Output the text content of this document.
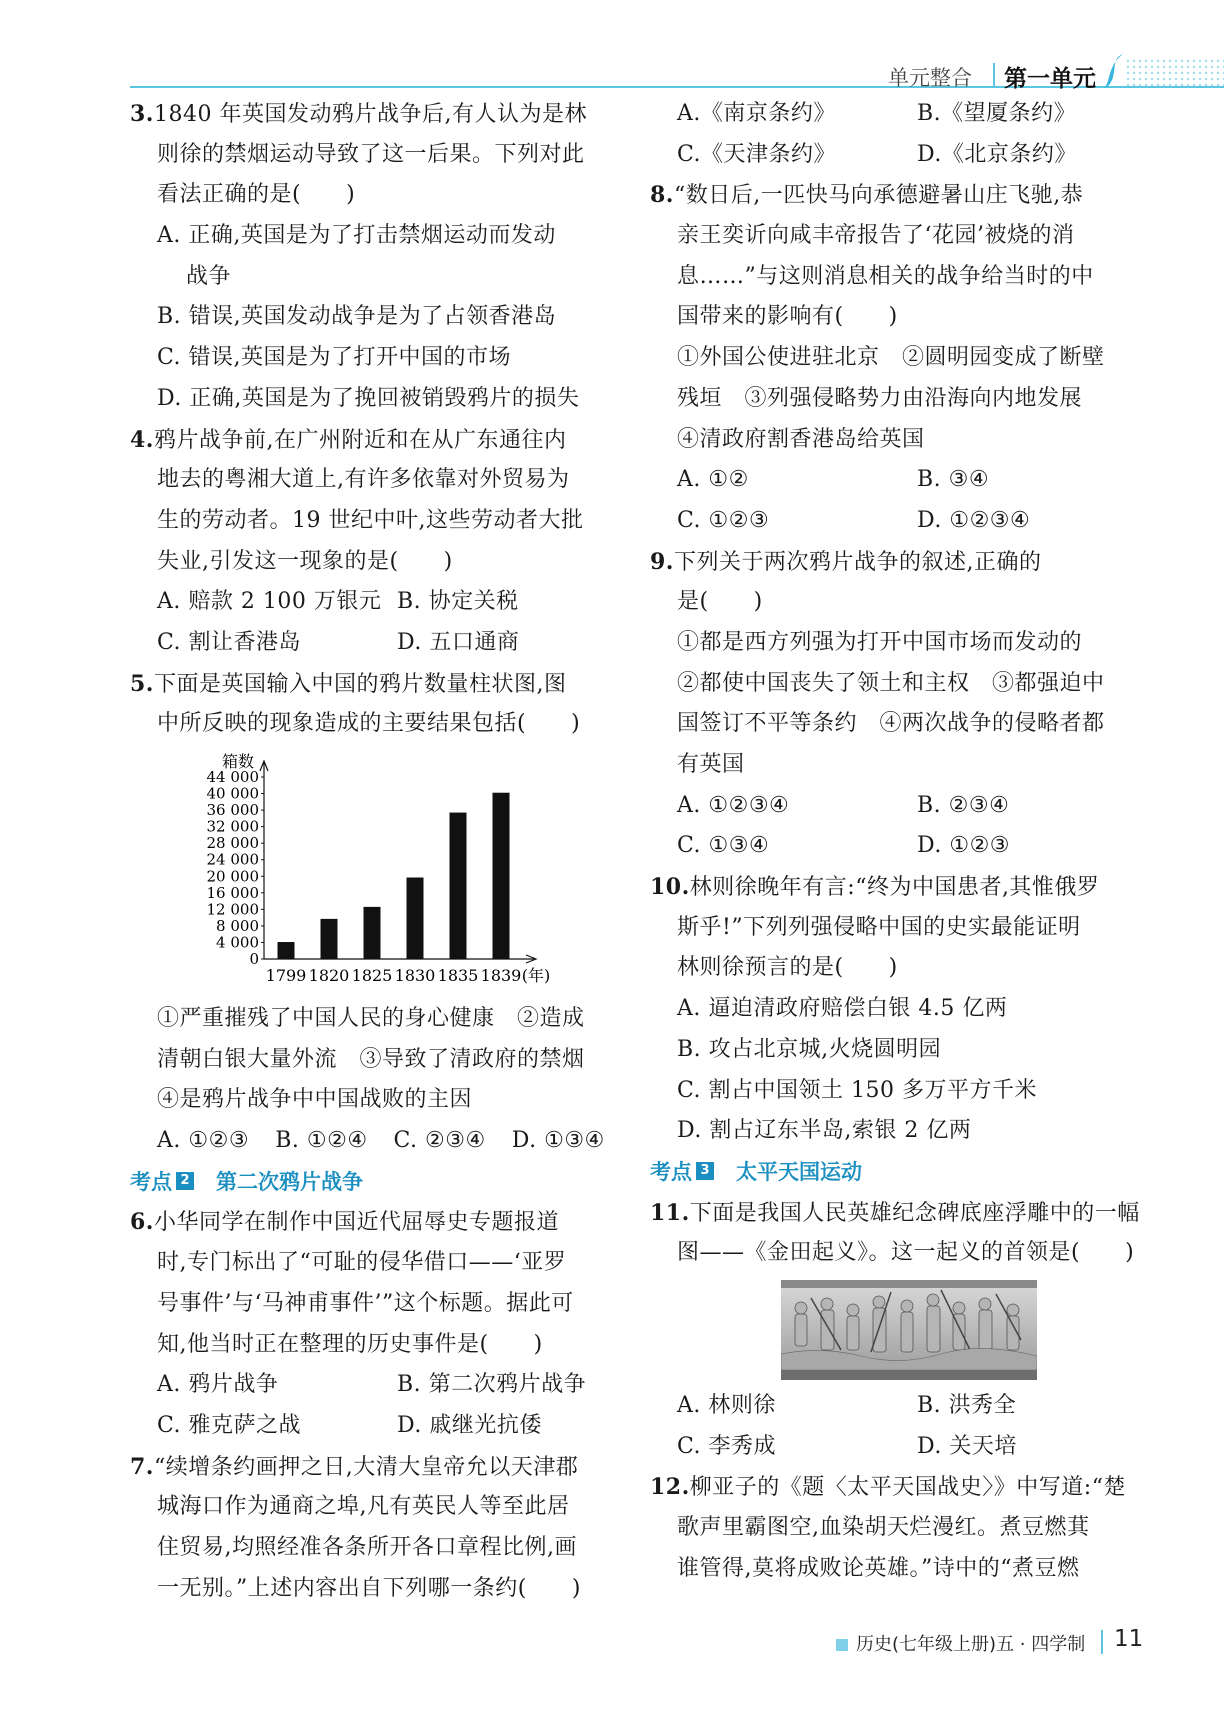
单元整合 第一单元
3.1840 年英国发动鸦片战争后,有人认为是林
则徐的禁烟运动导致了这一后果。下列对此
看法正确的是(　　)
A. 正确,英国是为了打击禁烟运动而发动
战争
B. 错误,英国发动战争是为了占领香港岛
C. 错误,英国是为了打开中国的市场
D. 正确,英国是为了挽回被销毁鸦片的损失
4.鸦片战争前,在广州附近和在从广东通往内
地去的粤湘大道上,有许多依靠对外贸易为
生的劳动者。19 世纪中叶,这些劳动者大批
失业,引发这一现象的是(　　)
A. 赔款 2 100 万银元 B. 协定关税
C. 割让香港岛	D. 五口通商
5.下面是英国输入中国的鸦片数量柱状图,图
中所反映的现象造成的主要结果包括(　　)
箱数
0
4 000
8 000
12 000
16 000
20 000
24 000
28 000
32 000
36 000
40 000
44 000
1799 1820 1825 1830 1835 1839 (年)
①严重摧残了中国人民的身心健康　②造成
清朝白银大量外流　③导致了清政府的禁烟
④是鸦片战争中中国战败的主因
A. ①②③	B. ①②④	C. ②③④	D. ①③④
考点 2 第二次鸦片战争
6.小华同学在制作中国近代屈辱史专题报道
时,专门标出了“可耻的侵华借口——‘亚罗
号事件’与‘马神甫事件’”这个标题。据此可
知,他当时正在整理的历史事件是(　　)
A. 鸦片战争	B. 第二次鸦片战争
C. 雅克萨之战	D. 戚继光抗倭
7.“续增条约画押之日,大清大皇帝允以天津郡
城海口作为通商之埠,凡有英民人等至此居
住贸易,均照经准各条所开各口章程比例,画
一无别。”上述内容出自下列哪一条约(　　)
A.《南京条约》	B.《望厦条约》
C.《天津条约》	D.《北京条约》
8.“数日后,一匹快马向承德避暑山庄飞驰,恭
亲王奕䜣向咸丰帝报告了‘花园’被烧的消
息……”与这则消息相关的战争给当时的中
国带来的影响有(　　)
①外国公使进驻北京　②圆明园变成了断壁
残垣　③列强侵略势力由沿海向内地发展
④清政府割香港岛给英国
A. ①②	B. ③④
C. ①②③	D. ①②③④
9.下列关于两次鸦片战争的叙述,正确的
是(　　)
①都是西方列强为打开中国市场而发动的
②都使中国丧失了领土和主权　③都强迫中
国签订不平等条约　④两次战争的侵略者都
有英国
A. ①②③④	B. ②③④
C. ①③④	D. ①②③
10.林则徐晚年有言:“终为中国患者,其惟俄罗
斯乎!”下列列强侵略中国的史实最能证明
林则徐预言的是(　　)
A. 逼迫清政府赔偿白银 4.5 亿两
B. 攻占北京城,火烧圆明园
C. 割占中国领土 150 多万平方千米
D. 割占辽东半岛,索银 2 亿两
考点 3 太平天国运动
11.下面是我国人民英雄纪念碑底座浮雕中的一幅
图——《金田起义》。这一起义的首领是(　　)
A. 林则徐	B. 洪秀全
C. 李秀成	D. 关天培
12.柳亚子的《题〈太平天国战史〉》中写道:“楚
歌声里霸图空,血染胡天烂漫红。煮豆燃萁
谁管得,莫将成败论英雄。”诗中的“煮豆燃
历史(七年级上册)五 · 四学制 11
